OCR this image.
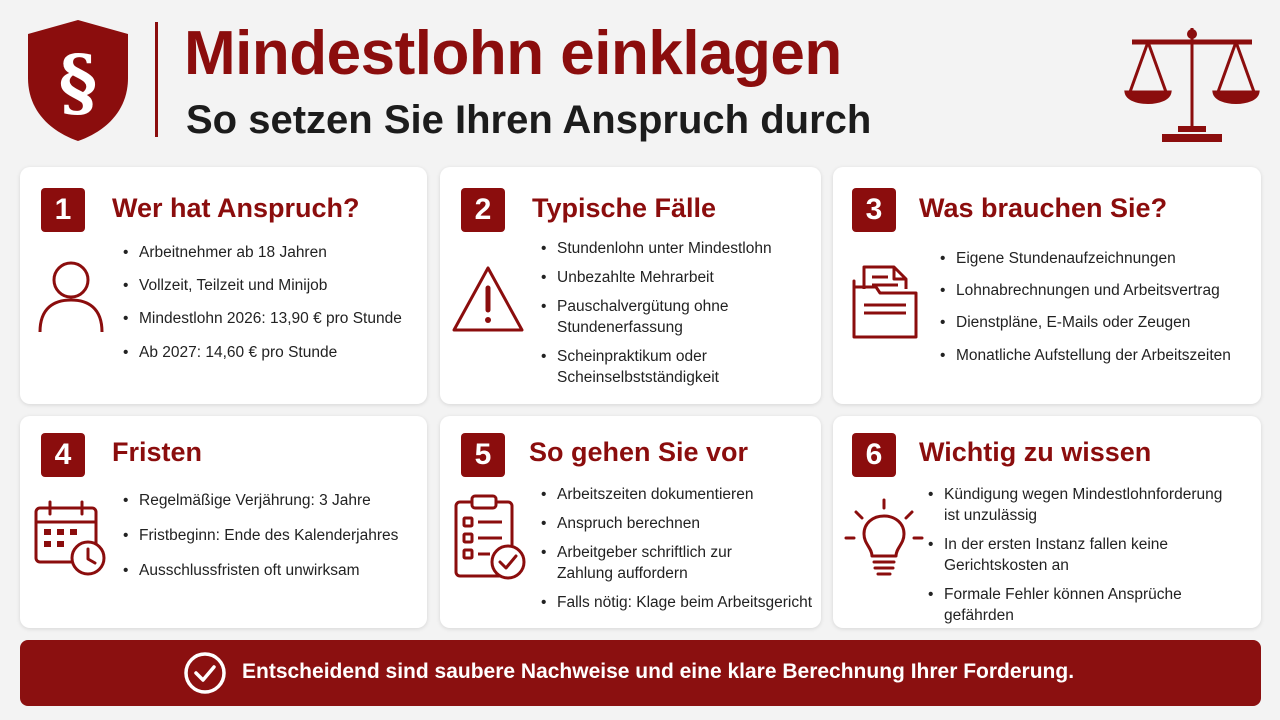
§ Mindestlohn einklagen
So setzen Sie Ihren Anspruch durch
1	Wer hat Anspruch?
• Arbeitnehmer ab 18 Jahren
• Vollzeit, Teilzeit und Minijob
• Mindestlohn 2026: 13,90 € pro Stunde
• Ab 2027: 14,60 € pro Stunde
2	Typische Fälle
• Stundenlohn unter Mindestlohn
• Unbezahlte Mehrarbeit
• Pauschalvergütung ohne Stundenerfassung
• Scheinpraktikum oder Scheinselbstständigkeit
3	Was brauchen Sie?
• Eigene Stundenaufzeichnungen
• Lohnabrechnungen und Arbeitsvertrag
• Dienstpläne, E-Mails oder Zeugen
• Monatliche Aufstellung der Arbeitszeiten
4	Fristen
• Regelmäßige Verjährung: 3 Jahre
• Fristbeginn: Ende des Kalenderjahres
• Ausschlussfristen oft unwirksam
5	So gehen Sie vor
• Arbeitszeiten dokumentieren
• Anspruch berechnen
• Arbeitgeber schriftlich zur Zahlung auffordern
• Falls nötig: Klage beim Arbeitsgericht
6	Wichtig zu wissen
• Kündigung wegen Mindestlohnforderung ist unzulässig
• In der ersten Instanz fallen keine Gerichtskosten an
• Formale Fehler können Ansprüche gefährden
Entscheidend sind saubere Nachweise und eine klare Berechnung Ihrer Forderung.
